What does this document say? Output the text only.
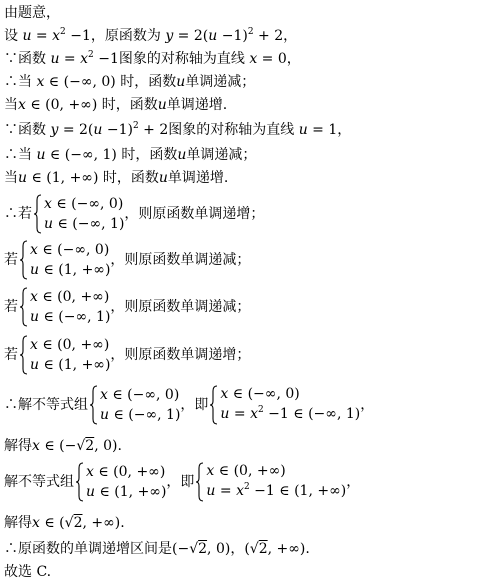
由题意，
设 $u = x^2 -1$，原函数为 $y = 2(u -1)^2 + 2$，
∵函数 $u = x^2 -1$图象的对称轴为直线 x = 0，
∴当 x ∈ (−∞, 0) 时，函数u单调递减；
当x ∈ (0, +∞) 时，函数u单调递增.
∵函数 $y = 2(u -1)^2 + 2$图象的对称轴为直线 u = 1，
∴当 u ∈ (−∞, 1) 时，函数u单调递减；
当u ∈ (1, +∞) 时，函数u单调递增.
∴若
x ∈ (−∞, 0)
u ∈ (−∞, 1)
，则原函数单调递增；
若
x ∈ (−∞, 0)
u ∈ (1, +∞)
，则原函数单调递减；
若
x ∈ (0, +∞)
u ∈ (−∞, 1)
，则原函数单调递减；
若
x ∈ (0, +∞)
u ∈ (1, +∞)
，则原函数单调递增；
∴解不等式组
x ∈ (−∞, 0)
u ∈ (−∞, 1)
，即
x ∈ (−∞, 0)
$u = x^2 -1$ ∈ (−∞, 1)
，
解得x ∈ (−√2, 0).
解不等式组
x ∈ (0, +∞)
u ∈ (1, +∞)
，即
x ∈ (0, +∞)
$u = x^2 -1$ ∈ (1, +∞)
，
解得x ∈ (√2, +∞).
∴原函数的单调递增区间是(−√2, 0)，(√2, +∞).
故选 C.
